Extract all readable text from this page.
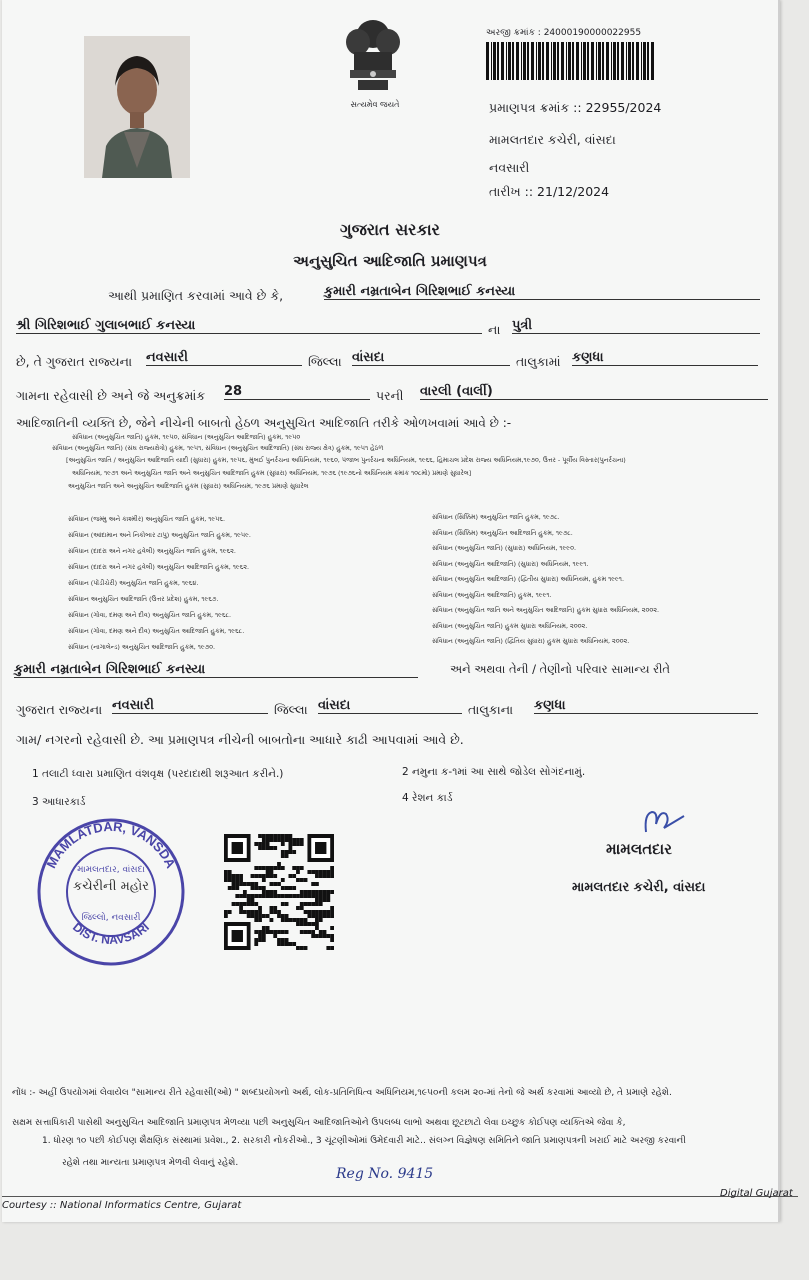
સત્યમેવ જયતે
અરજી ક્રમાંક : 24000190000022955
પ્રમાણપત્ર ક્રમાંક :: 22955/2024
મામલતદાર કચેરી, વાંસદા
નવસારી
તારીખ :: 21/12/2024
ગુજરાત સરકાર
અનુસુચિત આદિજાતિ પ્રમાણપત્ર
આથી પ્રમાણિત કરવામાં આવે છે કે,	કુમારી નમ્રતાબેન ગિરિશભાઈ કનસ્યા
શ્રી ગિરિશભાઈ ગુલાબભાઈ કનસ્યા	ના પુત્રી
છે, તે ગુજરાત રાજ્યના નવસારી	જિલ્લા વાંસદા	તાલુકામાં કણધા
ગામના રહેવાસી છે અને જે અનુક્રમાંક 28	પરની વારલી (વાર્લી)
આદિજાતિની વ્યક્તિ છે, જેને નીચેની બાબતો હેઠળ અનુસુચિત આદિજાતિ તરીકે ઓળખવામાં આવે છે :-
સંવિધાન (અનુસુચિત જાતિ) હુકમ, ૧૯૫૦, સંવિધાન (અનુસુચિત આદિજાતિ) હુકમ, ૧૯૫૦
સંવિધાન (અનુસુચિત જાતિ) (સંઘ રાજ્યક્ષેત્રો) હુકમ, ૧૯૫૧, સંવિધાન (અનુસુચિત આદિજાતિ) (સંઘ રાજ્ય ક્ષેત્ર) હુકમ, ૧૯૫૧ હેઠળ
[અનુસુચિત જાતિ / અનુસુચિત આદિજાતિ યાદી (સુધારા) હુકમ, ૧૯૫૬, મુંબઈ પુનર્રચના અધિનિયમ, ૧૯૬૦, પંજાબ પુનર્રચના અધિનિયમ, ૧૯૬૬, હિમાચલ પ્રદેશ રાજ્ય અધિનિયમ,૧૯૭૦, ઉત્તર - પૂર્વીય વિસ્તાર(પુનર્રચના)
અધિનિયમ, ૧૯૭૧ અને અનુસુચિત જાતિ અને અનુસુચિત આદિજાતિ હુકમ (સુધારા) અધિનિયમ, ૧૯૭૬ (૧૯૭૬નો અધિનિયમ ક્રમાંક ૧૦૮મો) પ્રમાણે સુધારેલ]
અનુસુચિત જાતિ અને અનુસુચિત આદિજાતિ હુકમ (સુધારા) અધિનિયમ, ૧૯૭૬ પ્રમાણે સુધારેલ
સંવિધાન (જમ્મુ અને કાશ્મીર) અનુસુચિત જાતિ હુકમ, ૧૯૫૬.
સંવિધાન (આંદામાન અને નિકોબાર ટાપુ) અનુસુચિત જાતિ હુકમ, ૧૯૫૯.
સંવિધાન (દાદરા અને નગર હવેલી) અનુસુચિત જાતિ હુકમ, ૧૯૬૨.
સંવિધાન (દાદરા અને નગર હવેલી) અનુસુચિત આદિજાતિ હુકમ, ૧૯૬૨.
સંવિધાન (પોંડીચેરી) અનુસુચિત જાતિ હુકમ, ૧૯૬૪.
સંવિધાન અનુસુચિત આદિજાતિ (ઉત્તર પ્રદેશ) હુકમ, ૧૯૬૭.
સંવિધાન (ગોવા, દમણ અને દીવ) અનુસુચિત જાતિ હુકમ, ૧૯૬૮.
સંવિધાન (ગોવા, દમણ અને દીવ) અનુસુચિત આદિજાતિ હુકમ, ૧૯૬૮.
સંવિધાન (નાગાલેન્ડ) અનુસુચિત આદિજાતિ હુકમ, ૧૯૭૦.
સંવિધાન (સિક્કિમ) અનુસુચિત જાતિ હુકમ, ૧૯૭૮.
સંવિધાન (સિક્કિમ) અનુસુચિત આદિજાતિ હુકમ, ૧૯૭૮.
સંવિધાન (અનુસુચિત જાતિ) (સુધારા) અધિનિયમ, ૧૯૯૦.
સંવિધાન (અનુસુચિત આદિજાતિ) (સુધારા) અધિનિયમ, ૧૯૯૧.
સંવિધાન (અનુસુચિત આદિજાતિ) (દ્વિતીય સુધારા) અધિનિયમ, હુકમ ૧૯૯૧.
સંવિધાન (અનુસુચિત આદિજાતિ) હુકમ, ૧૯૯૧.
સંવિધાન (અનુસુચિત જાતિ અને અનુસુચિત આદિજાતિ) હુકમ સુધારા અધિનિયમ, ૨૦૦૨.
સંવિધાન (અનુસુચિત જાતિ) હુકમ સુધારા અધિનિયમ, ૨૦૦૨.
સંવિધાન (અનુસુચિત જાતિ) (દ્વિતિય સુધારા) હુકમ સુધારા અધિનિયમ, ૨૦૦૨.
કુમારી નમ્રતાબેન ગિરિશભાઈ કનસ્યા	અને અથવા તેની / તેણીનો પરિવાર સામાન્ય રીતે
ગુજરાત રાજ્યના નવસારી	જિલ્લા વાંસદા	તાલુકાના કણધા
ગામ/ નગરનો રહેવાસી છે. આ પ્રમાણપત્ર નીચેની બાબતોના આધારે કાઢી આપવામાં આવે છે.
1 તલાટી ધ્વારા પ્રમાણિત વંશવૃક્ષ (પરદાદાથી શરૂઆત કરીને.)	2 નમુના ક-૧માં આ સાથે જોડેલ સોગંદનામું.
3 આધારકાર્ડ	4 રેશન કાર્ડ
MAMLATDAR, VANSDA
DIST. NAVSARI
મામલતદાર, વાંસદા
કચેરીની મહોર
જિલ્લો, નવસારી
મામલતદાર
મામલતદાર કચેરી, વાંસદા
નોંધ :- અહીં ઉપયોગમાં લેવાયેલ "સામાન્ય રીતે રહેવાસી(ઓ) " શબ્દપ્રયોગનો અર્થ, લોક-પ્રતિનિધિત્વ અધિનિયમ,૧૯૫૦ની કલમ ૨૦-માં તેનો જે અર્થ કરવામાં આવ્યો છે, તે પ્રમાણે રહેશે.
સક્ષમ સત્તાધિકારી પાસેથી અનુસુચિત આદિજાતિ પ્રમાણપત્ર મેળવ્યા પછી અનુસુચિત આદિજાતિઓને ઉપલબ્ધ લાભો અથવા છૂટછાટો લેવા ઇચ્છુક કોઈપણ વ્યક્તિએ જેવા કે,
1. ધોરણ ૧૦ પછી કોઈપણ શૈક્ષણિક સંસ્થામાં પ્રવેશ., 2. સરકારી નોકરીઓ., 3 ચૂંટણીઓમાં ઉમેદવારી માટે.. સંલગ્ન વિજ્ઞેષણ સમિતિને જાતિ પ્રમાણપત્રની ખરાઈ માટે અરજી કરવાની
રહેશે તથા માન્યતા પ્રમાણપત્ર મેળવી લેવાનું રહેશે.
Reg No. 9415
Courtesy :: National Informatics Centre, Gujarat
Digital Gujarat
